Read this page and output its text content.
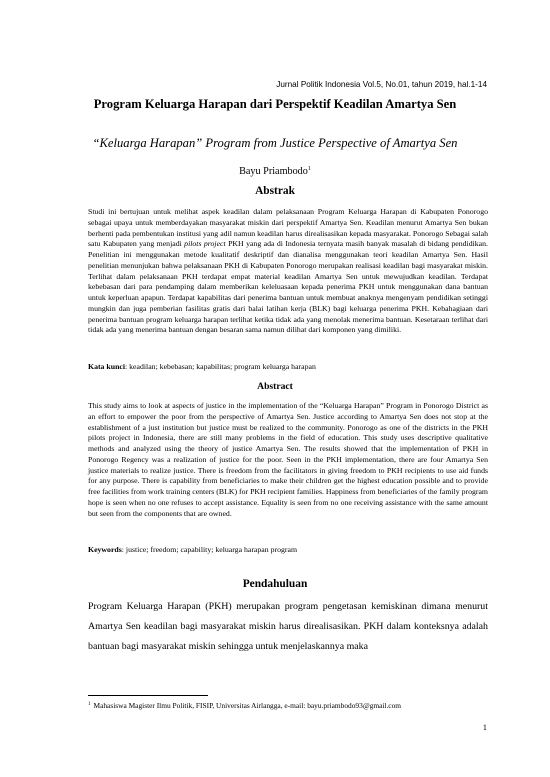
Jurnal Politik Indonesia Vol.5, No.01, tahun 2019, hal.1-14
Program Keluarga Harapan dari Perspektif Keadilan Amartya Sen
“Keluarga Harapan” Program from Justice Perspective of Amartya Sen
Bayu Priambodo$^1$
Abstrak
Studi ini bertujuan untuk melihat aspek keadilan dalam pelaksanaan Program Keluarga Harapan di Kabupaten Ponorogo sebagai upaya untuk memberdayakan masyarakat miskin dari perspektif Amartya Sen. Keadilan menurut Amartya Sen bukan berhenti pada pembentukan institusi yang adil namun keadilan harus direalisasikan kepada masyarakat. Ponorogo Sebagai salah satu Kabupaten yang menjadi pilots project PKH yang ada di Indonesia ternyata masih banyak masalah di bidang pendidikan. Penelitian ini menggunakan metode kualitatif deskriptif dan dianalisa menggunakan teori keadilan Amartya Sen. Hasil penelitian menunjukan bahwa pelaksanaan PKH di Kabupaten Ponorogo merupakan realisasi keadilan bagi masyarakat miskin. Terlihat dalam pelaksanaan PKH terdapat empat material keadilan Amartya Sen untuk mewujudkan keadilan. Terdapat kebebasan dari para pendamping dalam memberikan keleluasaan kepada penerima PKH untuk menggunakan dana bantuan untuk keperluan apapun. Terdapat kapabilitas dari penerima bantuan untuk membuat anaknya mengenyam pendidikan setinggi mungkin dan juga pemberian fasilitas gratis dari balai latihan kerja (BLK) bagi keluarga penerima PKH. Kebahagiaan dari penerima bantuan program keluarga harapan terlihat ketika tidak ada yang menolak menerima bantuan. Kesetaraan terlihat dari tidak ada yang menerima bantuan dengan besaran sama namun dilihat dari komponen yang dimiliki.
Kata kunci: keadilan; kebebasan; kapabilitas; program keluarga harapan
Abstract
This study aims to look at aspects of justice in the implementation of the “Keluarga Harapan” Program in Ponorogo District as an effort to empower the poor from the perspective of Amartya Sen. Justice according to Amartya Sen does not stop at the establishment of a just institution but justice must be realized to the community. Ponorogo as one of the districts in the PKH pilots project in Indonesia, there are still many problems in the field of education. This study uses descriptive qualitative methods and analyzed using the theory of justice Amartya Sen. The results showed that the implementation of PKH in Ponorogo Regency was a realization of justice for the poor. Seen in the PKH implementation, there are four Amartya Sen justice materials to realize justice. There is freedom from the facilitators in giving freedom to PKH recipients to use aid funds for any purpose. There is capability from beneficiaries to make their children get the highest education possible and to provide free facilities from work training centers (BLK) for PKH recipient families. Happiness from beneficiaries of the family program hope is seen when no one refuses to accept assistance. Equality is seen from no one receiving assistance with the same amount but seen from the components that are owned.
Keywords: justice; freedom; capability; keluarga harapan program
Pendahuluan
Program Keluarga Harapan (PKH) merupakan program pengetasan kemiskinan dimana menurut Amartya Sen keadilan bagi masyarakat miskin harus direalisasikan. PKH dalam konteksnya adalah bantuan bagi masyarakat miskin sehingga untuk menjelaskannya maka
$^1$ Mahasiswa Magister Ilmu Politik, FISIP, Universitas Airlangga, e-mail: bayu.priambodo93@gmail.com
1
